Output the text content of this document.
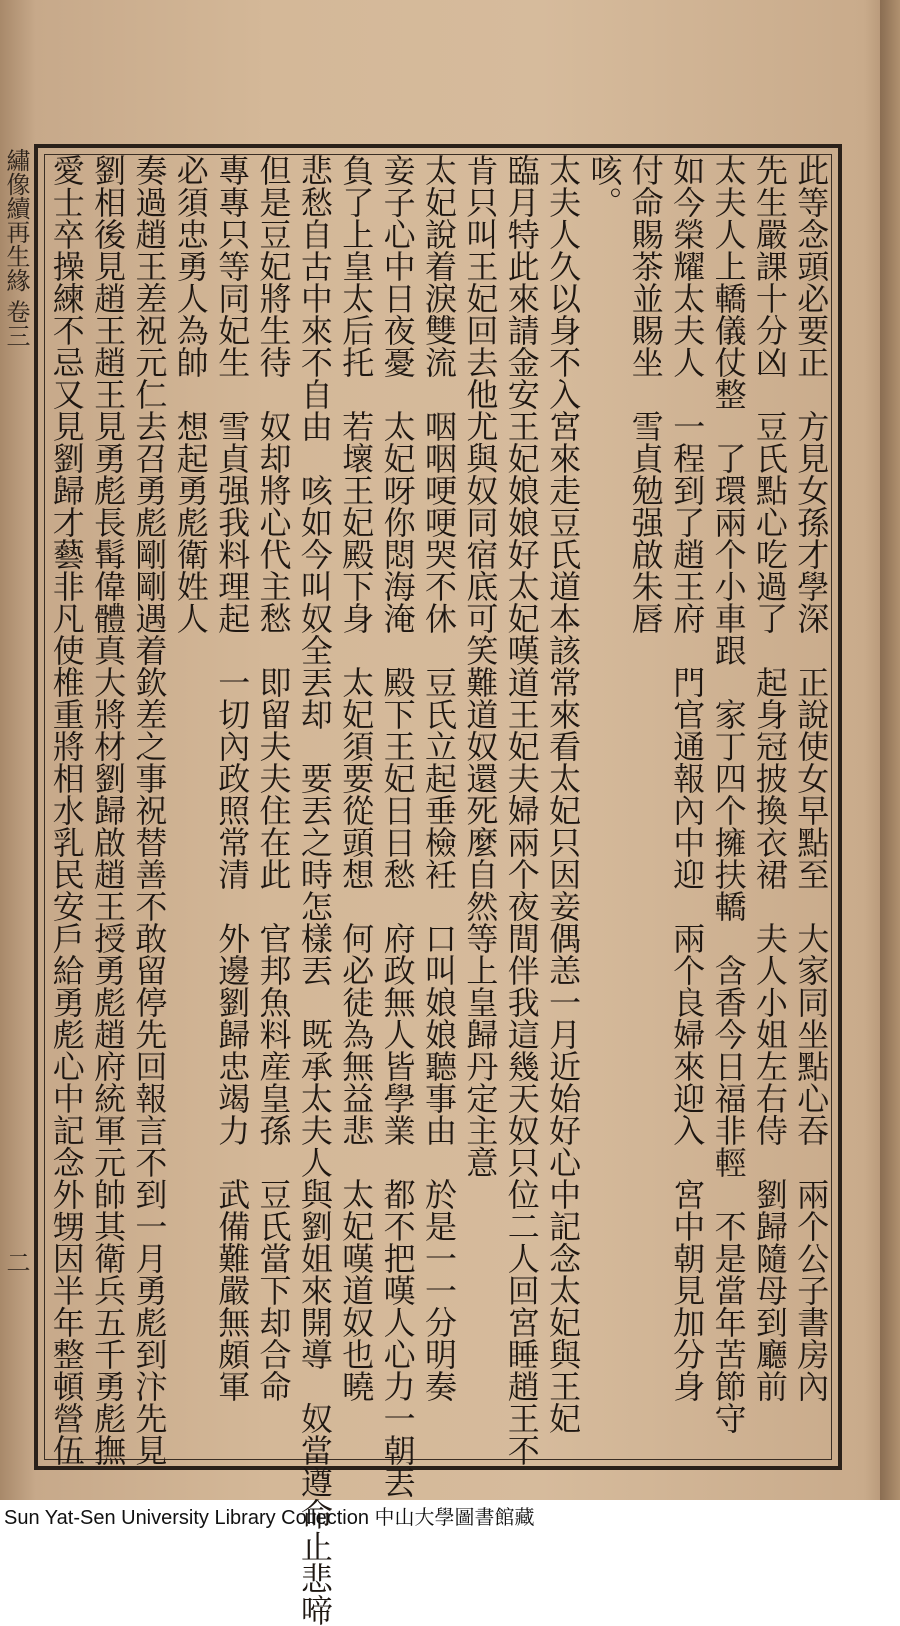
繡像續再生緣 卷三
二	此等念頭必要正　方見女孫才學深　正說使女早點至　大家同坐點心吞　兩个公子書房內
先生嚴課十分凶　豆氏點心吃過了　起身冠披換衣裙　夫人小姐左右侍　劉歸隨母到廳前
太夫人上轎儀仗整　了環兩个小車跟　家丁四个擁扶轎　含香今日福非輕　不是當年苦節守
如今榮耀太夫人　一程到了趙王府　門官通報內中迎　兩个良婦來迎入　宮中朝見加分身
付命賜茶並賜坐　雪貞勉强啟朱唇
咳。
太夫人久以身不入宮來走豆氏道本該常來看太妃只因妾偶恙一月近始好心中記念太妃與王妃
臨月特此來請金安王妃娘娘好太妃嘆道王妃夫婦兩个夜間伴我這幾天奴只位二人回宮睡趙王不
肯只叫王妃回去他尤與奴同宿底可笑難道奴還死麼自然等上皇歸丹定主意
太妃說着淚雙流　咽咽哽哽哭不休　豆氏立起垂檢衽　口叫娘娘聽事由　於是一一分明奏
妾子心中日夜憂　太妃呀你悶海淹　殿下王妃日日愁　府政無人皆學業　都不把嘆人心力一朝丟
負了上皇太后托　若壞王妃殿下身　太妃須要從頭想　何必徒為無益悲　太妃嘆道奴也曉
悲愁自古中來不自由　咳如今叫奴全丟却　要丟之時怎樣丟　既承太夫人與劉姐來開導　奴當遵命止悲啼
但是豆妃將生待　奴却將心代主愁　即留夫夫住在此　官邦魚料産皇孫　豆氏當下却合命
專專只等同妃生　雪貞强我料理起　一切內政照常清　外邊劉歸忠竭力　武備難嚴無頗軍
必須忠勇人為帥　想起勇彪衛姓人
奏過趙王差祝元仁去召勇彪剛剛遇着欽差之事祝替善不敢留停先回報言不到一月勇彪到汴先見
劉相後見趙王趙王見勇彪長髯偉體真大將材劉歸啟趙王授勇彪趙府統軍元帥其衛兵五千勇彪撫
愛士卒操練不忌又見劉歸才藝非凡使椎重將相水乳民安戶給勇彪心中記念外甥因半年整頓營伍
Sun Yat-Sen University Library Collection 中山大學圖書館藏
